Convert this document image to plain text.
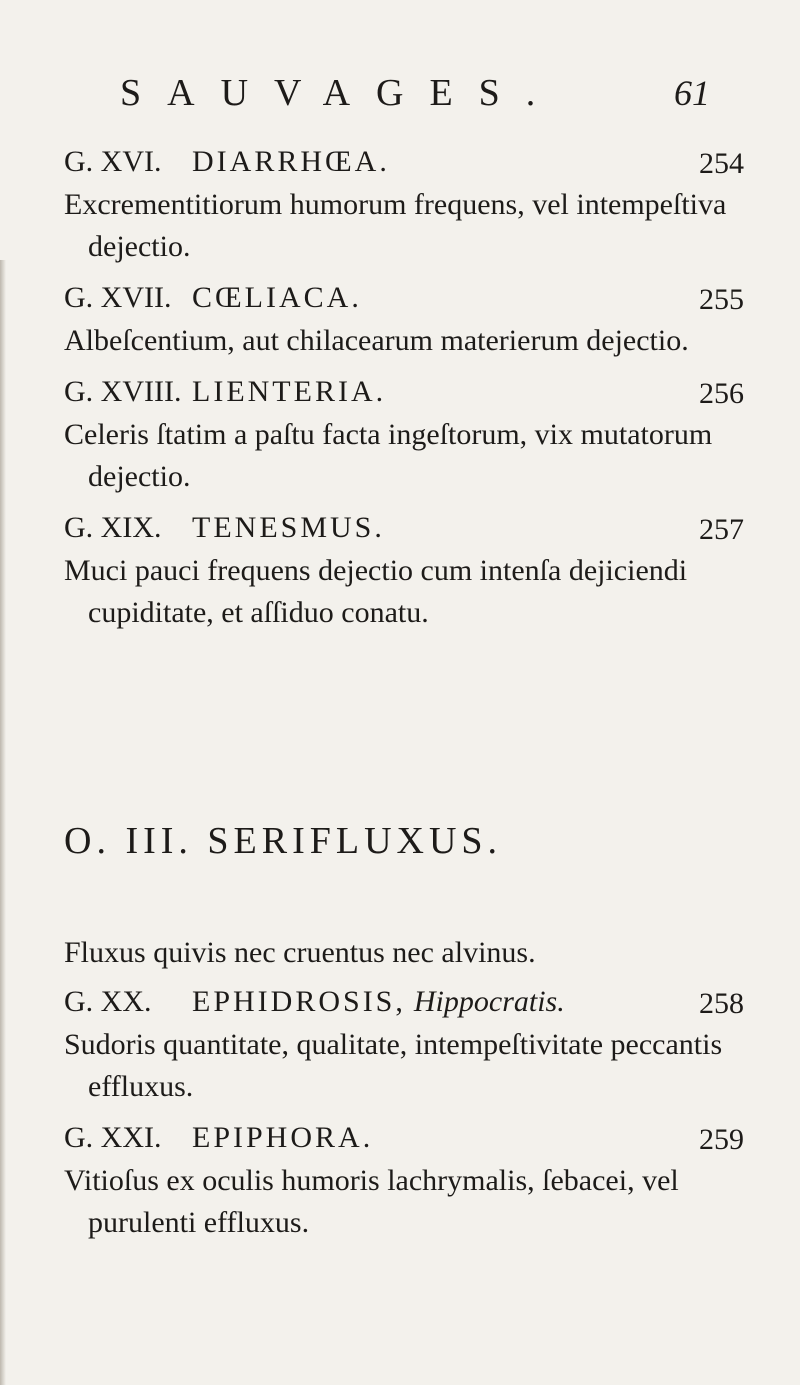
SAUVAGES.	61
G. XVI. DIARRHŒA.	254

Excrementitiorum humorum frequens, vel intempeſtiva dejectio.

G. XVII. CŒLIACA.	255

Albeſcentium, aut chilacearum materierum dejectio.

G. XVIII. LIENTERIA.	256

Celeris ſtatim a paſtu facta ingeſtorum, vix mutatorum dejectio.

G. XIX. TENESMUS.	257

Muci pauci frequens dejectio cum intenſa dejiciendi cupiditate, et aſſiduo conatu.

O. III. SERIFLUXUS.

Fluxus quivis nec cruentus nec alvinus.

G. XX. EPHIDROSIS, Hippocratis.	258

Sudoris quantitate, qualitate, intempeſtivitate peccantis effluxus.

G. XXI. EPIPHORA.	259

Vitioſus ex oculis humoris lachrymalis, ſebacei, vel purulenti effluxus.
